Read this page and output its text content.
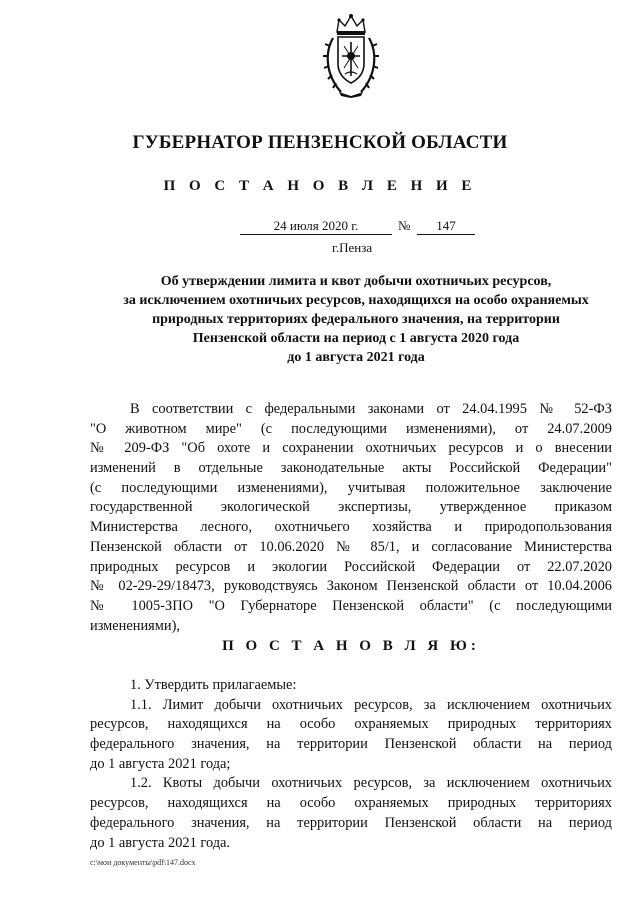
ГУБЕРНАТОР ПЕНЗЕНСКОЙ ОБЛАСТИ
П О С Т А Н О В Л Е Н И Е
24 июля 2020 г.	№	147
г.Пенза
Об утверждении лимита и квот добычи охотничьих ресурсов,
за исключением охотничьих ресурсов, находящихся на особо охраняемых
природных территориях федерального значения, на территории
Пензенской области на период с 1 августа 2020 года
до 1 августа 2021 года
В соответствии с федеральными законами от 24.04.1995 № 52-ФЗ
"О животном мире" (с последующими изменениями), от 24.07.2009
№ 209-ФЗ "Об охоте и сохранении охотничьих ресурсов и о внесении
изменений в отдельные законодательные акты Российской Федерации"
(с последующими изменениями), учитывая положительное заключение
государственной экологической экспертизы, утвержденное приказом
Министерства лесного, охотничьего хозяйства и природопользования
Пензенской области от 10.06.2020 № 85/1, и согласование Министерства
природных ресурсов и экологии Российской Федерации от 22.07.2020
№ 02-29-29/18473, руководствуясь Законом Пензенской области от 10.04.2006
№ 1005-ЗПО "О Губернаторе Пензенской области" (с последующими
изменениями),
П О С Т А Н О В Л Я Ю:
1. Утвердить прилагаемые:
1.1. Лимит добычи охотничьих ресурсов, за исключением охотничьих
ресурсов, находящихся на особо охраняемых природных территориях
федерального значения, на территории Пензенской области на период
до 1 августа 2021 года;
1.2. Квоты добычи охотничьих ресурсов, за исключением охотничьих
ресурсов, находящихся на особо охраняемых природных территориях
федерального значения, на территории Пензенской области на период
до 1 августа 2021 года.
c:\мои документы\pdf\147.docx
